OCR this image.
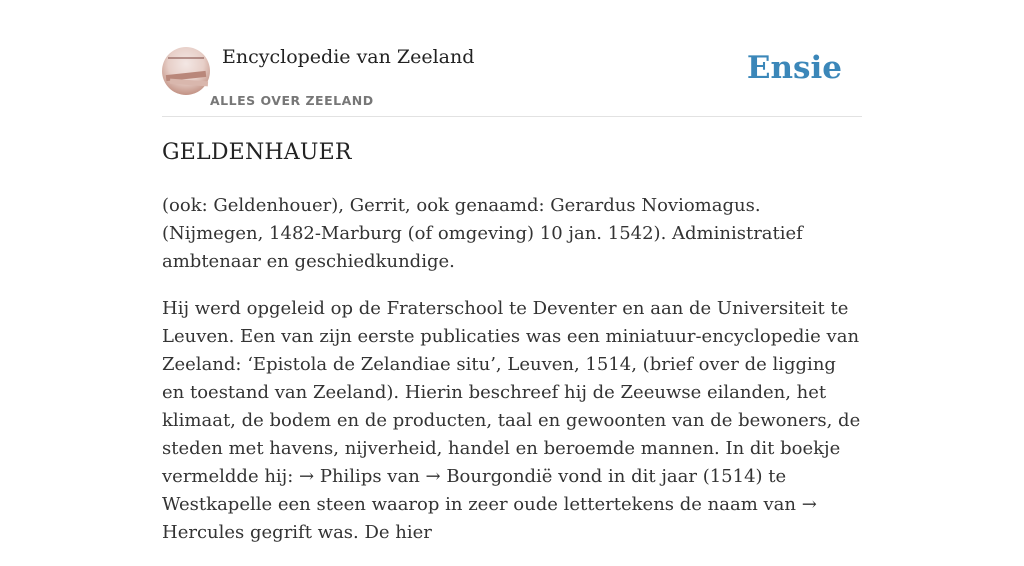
Encyclopedie van Zeeland
ALLES OVER ZEELAND
Ensie
GELDENHAUER

(ook: Geldenhouer), Gerrit, ook genaamd: Gerardus Noviomagus. (Nijmegen, 1482-Marburg (of omgeving) 10 jan. 1542). Administratief ambtenaar en geschiedkundige.

Hij werd opgeleid op de Fraterschool te Deventer en aan de Universiteit te Leuven. Een van zijn eerste publicaties was een miniatuur-encyclopedie van Zeeland: ‘Epistola de Zelandiae situ’, Leuven, 1514, (brief over de ligging en toestand van Zeeland). Hierin beschreef hij de Zeeuwse eilanden, het klimaat, de bodem en de producten, taal en gewoonten van de bewoners, de steden met havens, nijverheid, handel en beroemde mannen. In dit boekje vermeldde hij: → Philips van → Bourgondië vond in dit jaar (1514) te Westkapelle een steen waarop in zeer oude lettertekens de naam van → Hercules gegrift was. De hier
